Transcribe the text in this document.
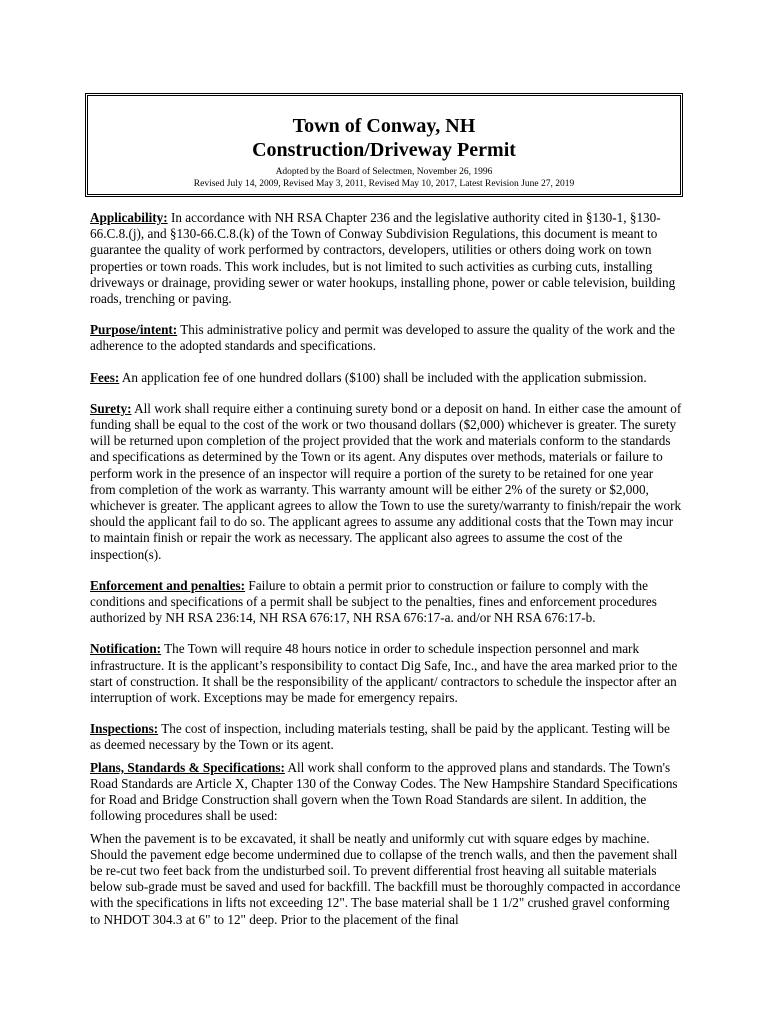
Town of Conway, NH
Construction/Driveway Permit
Adopted by the Board of Selectmen, November 26, 1996
Revised July 14, 2009, Revised May 3, 2011, Revised May 10, 2017, Latest Revision June 27, 2019

Applicability: In accordance with NH RSA Chapter 236 and the legislative authority cited in §130-1, §130-66.C.8.(j), and §130-66.C.8.(k) of the Town of Conway Subdivision Regulations, this document is meant to guarantee the quality of work performed by contractors, developers, utilities or others doing work on town properties or town roads. This work includes, but is not limited to such activities as curbing cuts, installing driveways or drainage, providing sewer or water hookups, installing phone, power or cable television, building roads, trenching or paving.

Purpose/intent: This administrative policy and permit was developed to assure the quality of the work and the adherence to the adopted standards and specifications.

Fees: An application fee of one hundred dollars ($100) shall be included with the application submission.

Surety: All work shall require either a continuing surety bond or a deposit on hand. In either case the amount of funding shall be equal to the cost of the work or two thousand dollars ($2,000) whichever is greater. The surety will be returned upon completion of the project provided that the work and materials conform to the standards and specifications as determined by the Town or its agent. Any disputes over methods, materials or failure to perform work in the presence of an inspector will require a portion of the surety to be retained for one year from completion of the work as warranty. This warranty amount will be either 2% of the surety or $2,000, whichever is greater. The applicant agrees to allow the Town to use the surety/warranty to finish/repair the work should the applicant fail to do so. The applicant agrees to assume any additional costs that the Town may incur to maintain finish or repair the work as necessary. The applicant also agrees to assume the cost of the inspection(s).

Enforcement and penalties: Failure to obtain a permit prior to construction or failure to comply with the conditions and specifications of a permit shall be subject to the penalties, fines and enforcement procedures authorized by NH RSA 236:14, NH RSA 676:17, NH RSA 676:17-a. and/or NH RSA 676:17-b.

Notification: The Town will require 48 hours notice in order to schedule inspection personnel and mark infrastructure. It is the applicant’s responsibility to contact Dig Safe, Inc., and have the area marked prior to the start of construction. It shall be the responsibility of the applicant/ contractors to schedule the inspector after an interruption of work. Exceptions may be made for emergency repairs.

Inspections: The cost of inspection, including materials testing, shall be paid by the applicant. Testing will be as deemed necessary by the Town or its agent.

Plans, Standards & Specifications: All work shall conform to the approved plans and standards. The Town's Road Standards are Article X, Chapter 130 of the Conway Codes. The New Hampshire Standard Specifications for Road and Bridge Construction shall govern when the Town Road Standards are silent. In addition, the following procedures shall be used:

When the pavement is to be excavated, it shall be neatly and uniformly cut with square edges by machine. Should the pavement edge become undermined due to collapse of the trench walls, and then the pavement shall be re-cut two feet back from the undisturbed soil. To prevent differential frost heaving all suitable materials below sub-grade must be saved and used for backfill. The backfill must be thoroughly compacted in accordance with the specifications in lifts not exceeding 12". The base material shall be 1 1/2" crushed gravel conforming to NHDOT 304.3 at 6" to 12" deep. Prior to the placement of the final
